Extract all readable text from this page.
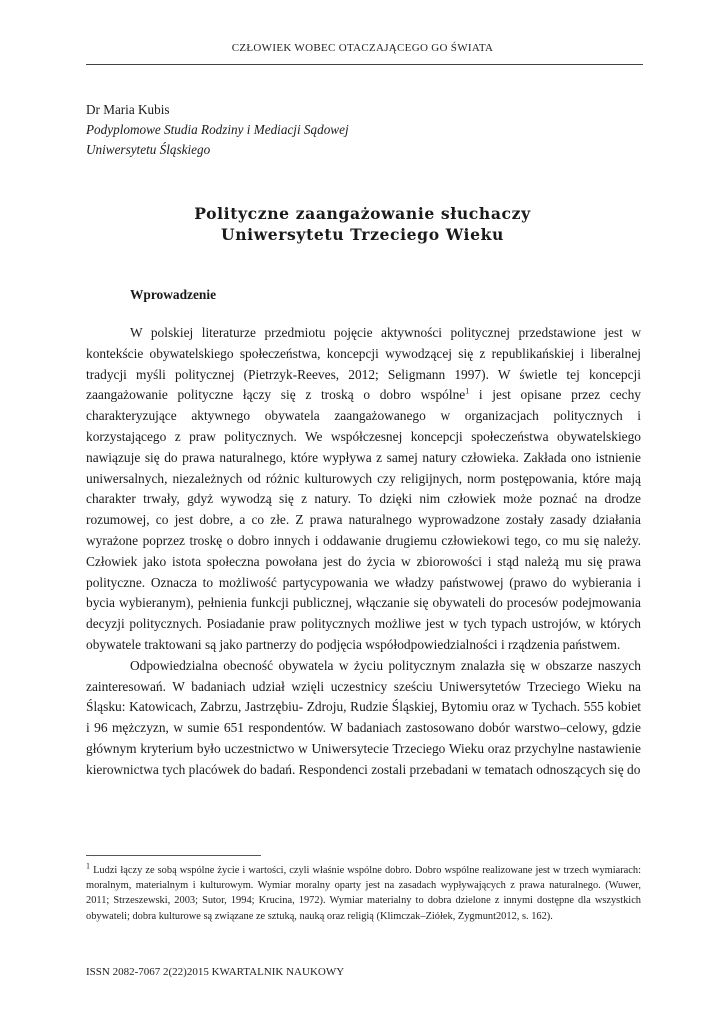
CZŁOWIEK WOBEC OTACZAJĄCEGO GO ŚWIATA
Dr Maria Kubis
Podyplomowe Studia Rodziny i Mediacji Sądowej
Uniwersytetu Śląskiego
Polityczne zaangażowanie słuchaczy
Uniwersytetu Trzeciego Wieku
Wprowadzenie

W polskiej literaturze przedmiotu pojęcie aktywności politycznej przedstawione jest w kontekście obywatelskiego społeczeństwa, koncepcji wywodzącej się z republikańskiej i liberalnej tradycji myśli politycznej (Pietrzyk-Reeves, 2012; Seligmann 1997). W świetle tej koncepcji zaangażowanie polityczne łączy się z troską o dobro wspólne$^1$ i jest opisane przez cechy charakteryzujące aktywnego obywatela zaangażowanego w organizacjach politycznych i korzystającego z praw politycznych. We współczesnej koncepcji społeczeństwa obywatelskiego nawiązuje się do prawa naturalnego, które wypływa z samej natury człowieka. Zakłada ono istnienie uniwersalnych, niezależnych od różnic kulturowych czy religijnych, norm postępowania, które mają charakter trwały, gdyż wywodzą się z natury. To dzięki nim człowiek może poznać na drodze rozumowej, co jest dobre, a co złe. Z prawa naturalnego wyprowadzone zostały zasady działania wyrażone poprzez troskę o dobro innych i oddawanie drugiemu człowiekowi tego, co mu się należy. Człowiek jako istota społeczna powołana jest do życia w zbiorowości i stąd należą mu się prawa polityczne. Oznacza to możliwość partycypowania we władzy państwowej (prawo do wybierania i bycia wybieranym), pełnienia funkcji publicznej, włączanie się obywateli do procesów podejmowania decyzji politycznych. Posiadanie praw politycznych możliwe jest w tych typach ustrojów, w których obywatele traktowani są jako partnerzy do podjęcia współodpowiedzialności i rządzenia państwem.

Odpowiedzialna obecność obywatela w życiu politycznym znalazła się w obszarze naszych zainteresowań. W badaniach udział wzięli uczestnicy sześciu Uniwersytetów Trzeciego Wieku na Śląsku: Katowicach, Zabrzu, Jastrzębiu- Zdroju, Rudzie Śląskiej, Bytomiu oraz w Tychach. 555 kobiet i 96 mężczyzn, w sumie 651 respondentów. W badaniach zastosowano dobór warstwo–celowy, gdzie głównym kryterium było uczestnictwo w Uniwersytecie Trzeciego Wieku oraz przychylne nastawienie kierownictwa tych placówek do badań. Respondenci zostali przebadani w tematach odnoszących się do

$^1$ Ludzi łączy ze sobą wspólne życie i wartości, czyli właśnie wspólne dobro. Dobro wspólne realizowane jest w trzech wymiarach: moralnym, materialnym i kulturowym. Wymiar moralny oparty jest na zasadach wypływających z prawa naturalnego. (Wuwer, 2011; Strzeszewski, 2003; Sutor, 1994; Krucina, 1972). Wymiar materialny to dobra dzielone z innymi dostępne dla wszystkich obywateli; dobra kulturowe są związane ze sztuką, nauką oraz religią (Klimczak–Ziółek, Zygmunt2012, s. 162).
ISSN 2082-7067 2(22)2015 KWARTALNIK NAUKOWY
